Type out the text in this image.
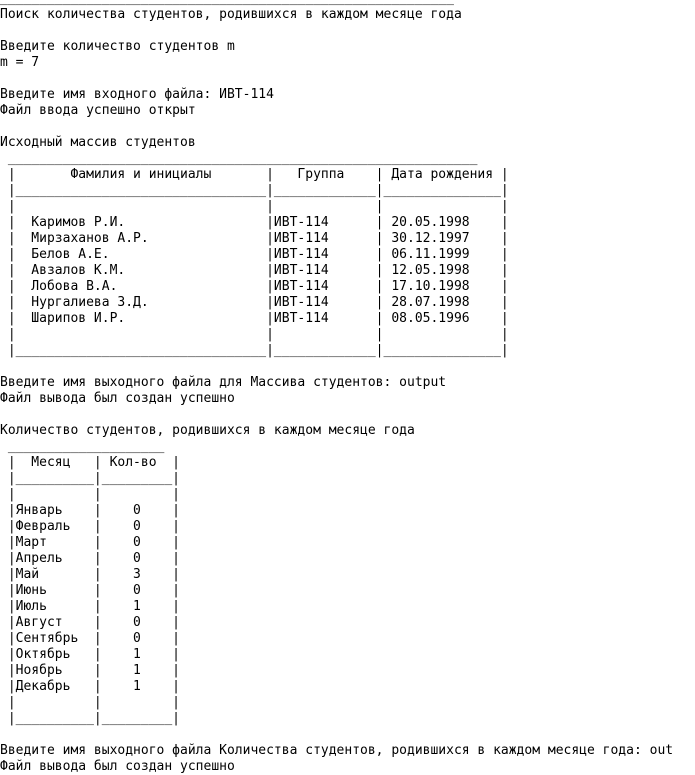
Поиск количества студентов, родившихся в каждом месяце года
Введите количество студентов m
m = 7
Введите имя входного файла: ИВТ-114
Файл ввода успешно открыт
Исходный массив студентов
____________________________________________________________
|       Фамилия и инициалы       |   Группа    | Дата рождения |
|________________________________|_____________|_______________|
|                                |             |               |
|  Каримов Р.И.                  |ИВТ-114      | 20.05.1998    |
|  Мирзаханов А.Р.               |ИВТ-114      | 30.12.1997    |
|  Белов А.Е.                    |ИВТ-114      | 06.11.1999    |
|  Авзалов К.М.                  |ИВТ-114      | 12.05.1998    |
|  Лобова В.А.                   |ИВТ-114      | 17.10.1998    |
|  Нургалиева З.Д.               |ИВТ-114      | 28.07.1998    |
|  Шарипов И.Р.                  |ИВТ-114      | 08.05.1996    |
|                                |             |               |
|________________________________|_____________|_______________|
Введите имя выходного файла для Массива студентов: output
Файл вывода был создан успешно
Количество студентов, родившихся в каждом месяце года
____________________
|  Месяц   | Кол-во  |
|__________|_________|
|          |         |
|Январь    |    0    |
|Февраль   |    0    |
|Март      |    0    |
|Апрель    |    0    |
|Май       |    3    |
|Июнь      |    0    |
|Июль      |    1    |
|Август    |    0    |
|Сентябрь  |    0    |
|Октябрь   |    1    |
|Ноябрь    |    1    |
|Декабрь   |    1    |
|          |         |
|__________|_________|
Введите имя выходного файла Количества студентов, родившихся в каждом месяце года: out
Файл вывода был создан успешно
